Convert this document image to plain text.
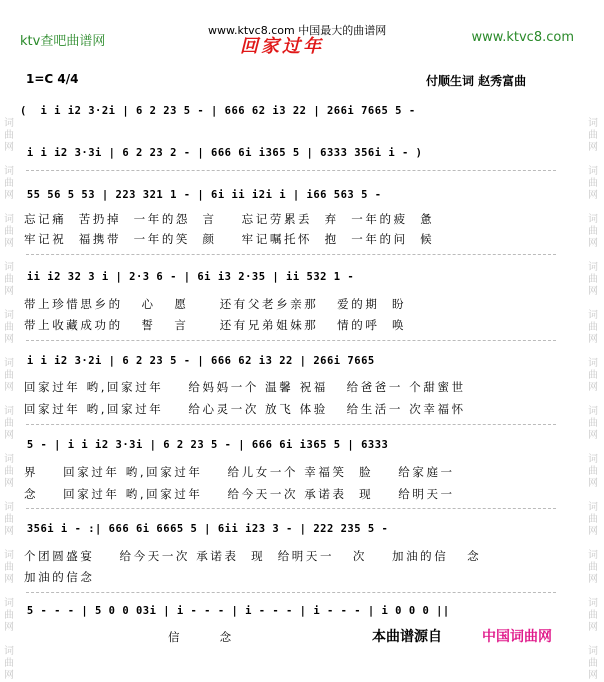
词
曲
网

词
曲
网

词
曲
网

词
曲
网

词
曲
网

词
曲
网

词
曲
网

词
曲
网

词
曲
网

词
曲
网

词
曲
网

词
曲
网
词
曲
网

词
曲
网

词
曲
网

词
曲
网

词
曲
网

词
曲
网

词
曲
网

词
曲
网

词
曲
网

词
曲
网

词
曲
网

词
曲
网
ktv查吧曲谱网
www.ktvc8.com 中国最大的曲谱网	www.ktvc8.com
回家过年
1=C 4/4	付顺生词 赵秀富曲
(  i i i2 3·2i | 6 2 23 5 - | 666 62 i3 22 | 266i 7665 5 -
i i i2 3·3i | 6 2 23 2 - | 666 6i i365 5 | 6333 356i i - )
55 56 5 53 | 223 321 1 - | 6i ii i2i i | i66 563 5 -
忘记痛  苦扔掉  一年的怨  言    忘记劳累丢  弃  一年的疲  惫
牢记祝  福携带  一年的笑  颜    牢记嘱托怀  抱  一年的问  候
ii i2 32 3 i | 2·3 6 - | 6i i3 2·35 | ii 532 1 -
带上珍惜思乡的   心   愿     还有父老乡亲那   爱的期  盼
带上收藏成功的   誓   言     还有兄弟姐妹那   情的呼  唤
i i i2 3·2i | 6 2 23 5 - | 666 62 i3 22 | 266i 7665
回家过年 哟,回家过年    给妈妈一个 温馨 祝福   给爸爸一 个甜蜜世
回家过年 哟,回家过年    给心灵一次 放飞 体验   给生活一 次幸福怀
5 - | i i i2 3·3i | 6 2 23 5 - | 666 6i i365 5 | 6333
界    回家过年 哟,回家过年    给儿女一个 幸福笑  脸    给家庭一
念    回家过年 哟,回家过年    给今天一次 承诺表  现    给明天一
356i i - :| 666 6i 6665 5 | 6ii i23 3 - | 222 235 5 -
个团圆盛宴    给今天一次 承诺表  现  给明天一   次    加油的信   念
加油的信念
5 - - - | 5 0 0 03i | i - - - | i - - - | i - - - | i 0 0 0 ||
信      念	本曲谱源自	中国词曲网
